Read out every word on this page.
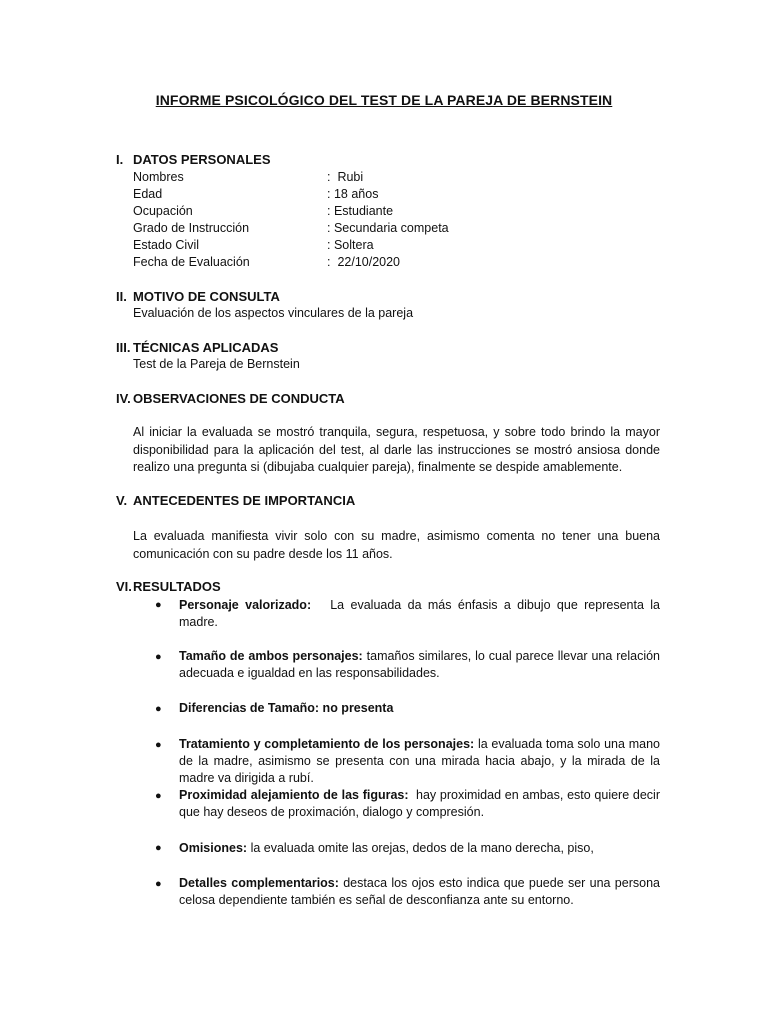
INFORME PSICOLÓGICO DEL TEST DE LA PAREJA DE BERNSTEIN
I. DATOS PERSONALES
Nombres	: Rubi
Edad	: 18 años
Ocupación	: Estudiante
Grado de Instrucción	: Secundaria competa
Estado Civil	: Soltera
Fecha de Evaluación	: 22/10/2020
II. MOTIVO DE CONSULTA
Evaluación de los aspectos vinculares de la pareja
III. TÉCNICAS APLICADAS
Test de la Pareja de Bernstein
IV. OBSERVACIONES DE CONDUCTA
Al iniciar la evaluada se mostró tranquila, segura, respetuosa, y sobre todo brindo la mayor
disponibilidad para la aplicación del test, al darle las instrucciones se mostró ansiosa donde
realizo una pregunta si (dibujaba cualquier pareja), finalmente se despide amablemente.
V. ANTECEDENTES DE IMPORTANCIA
La evaluada manifiesta vivir solo con su madre, asimismo comenta no tener una buena
comunicación con su padre desde los 11 años.
VI.RESULTADOS
● Personaje valorizado: La evaluada da más énfasis a dibujo que representa la
madre.
● Tamaño de ambos personajes: tamaños similares, lo cual parece llevar una relación
adecuada e igualdad en las responsabilidades.
● Diferencias de Tamaño: no presenta
● Tratamiento y completamiento de los personajes: la evaluada toma solo una mano
de la madre, asimismo se presenta con una mirada hacia abajo, y la mirada de la
madre va dirigida a rubí.
● Proximidad alejamiento de las figuras: hay proximidad en ambas, esto quiere decir
que hay deseos de proximación, dialogo y compresión.
● Omisiones: la evaluada omite las orejas, dedos de la mano derecha, piso,
● Detalles complementarios: destaca los ojos esto indica que puede ser una persona
celosa dependiente también es señal de desconfianza ante su entorno.
